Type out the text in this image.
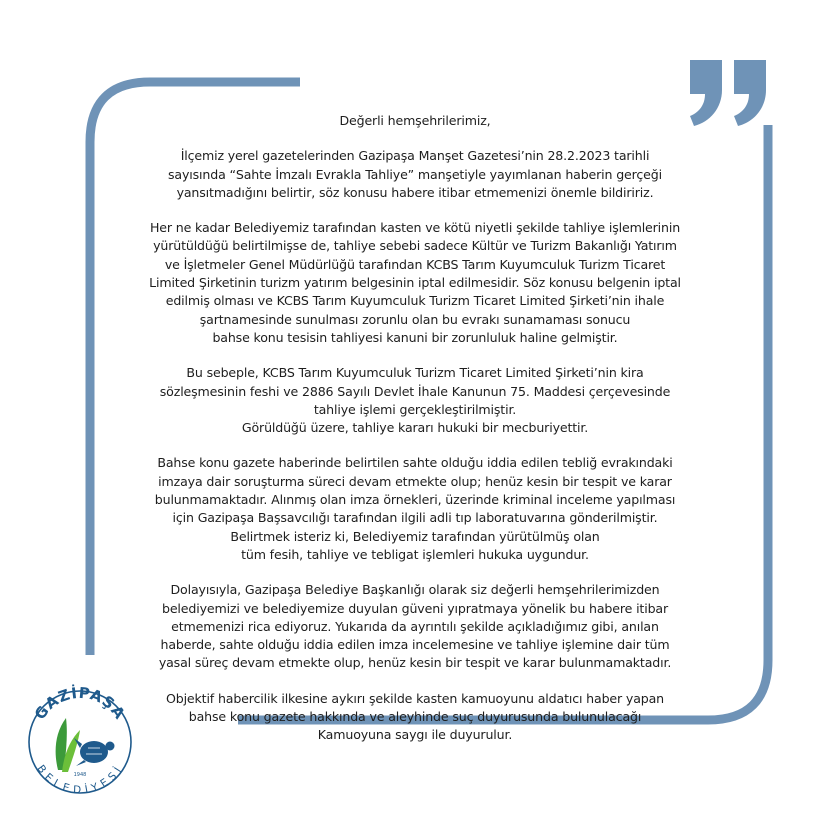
Değerli hemşehrilerimiz,

İlçemiz yerel gazetelerinden Gazipaşa Manşet Gazetesi’nin 28.2.2023 tarihli
sayısında “Sahte İmzalı Evrakla Tahliye” manşetiyle yayımlanan haberin gerçeği
yansıtmadığını belirtir, söz konusu habere itibar etmemenizi önemle bildiririz.

Her ne kadar Belediyemiz tarafından kasten ve kötü niyetli şekilde tahliye işlemlerinin
yürütüldüğü belirtilmişse de, tahliye sebebi sadece Kültür ve Turizm Bakanlığı Yatırım
ve İşletmeler Genel Müdürlüğü tarafından KCBS Tarım Kuyumculuk Turizm Ticaret
Limited Şirketinin turizm yatırım belgesinin iptal edilmesidir. Söz konusu belgenin iptal
edilmiş olması ve KCBS Tarım Kuyumculuk Turizm Ticaret Limited Şirketi’nin ihale
şartnamesinde sunulması zorunlu olan bu evrakı sunamaması sonucu
bahse konu tesisin tahliyesi kanuni bir zorunluluk haline gelmiştir.

Bu sebeple, KCBS Tarım Kuyumculuk Turizm Ticaret Limited Şirketi’nin kira
sözleşmesinin feshi ve 2886 Sayılı Devlet İhale Kanunun 75. Maddesi çerçevesinde
tahliye işlemi gerçekleştirilmiştir.
Görüldüğü üzere, tahliye kararı hukuki bir mecburiyettir.

Bahse konu gazete haberinde belirtilen sahte olduğu iddia edilen tebliğ evrakındaki
imzaya dair soruşturma süreci devam etmekte olup; henüz kesin bir tespit ve karar
bulunmamaktadır. Alınmış olan imza örnekleri, üzerinde kriminal inceleme yapılması
için Gazipaşa Başsavcılığı tarafından ilgili adli tıp laboratuvarına gönderilmiştir.
Belirtmek isteriz ki, Belediyemiz tarafından yürütülmüş olan
tüm fesih, tahliye ve tebligat işlemleri hukuka uygundur.

Dolayısıyla, Gazipaşa Belediye Başkanlığı olarak siz değerli hemşehrilerimizden
belediyemizi ve belediyemize duyulan güveni yıpratmaya yönelik bu habere itibar
etmemenizi rica ediyoruz. Yukarıda da ayrıntılı şekilde açıkladığımız gibi, anılan
haberde, sahte olduğu iddia edilen imza incelemesine ve tahliye işlemine dair tüm
yasal süreç devam etmekte olup, henüz kesin bir tespit ve karar bulunmamaktadır.

Objektif habercilik ilkesine aykırı şekilde kasten kamuoyunu aldatıcı haber yapan
bahse konu gazete hakkında ve aleyhinde suç duyurusunda bulunulacağı
Kamuoyuna saygı ile duyurulur.

GAZİPAŞA
BELEDİYESİ
1948
